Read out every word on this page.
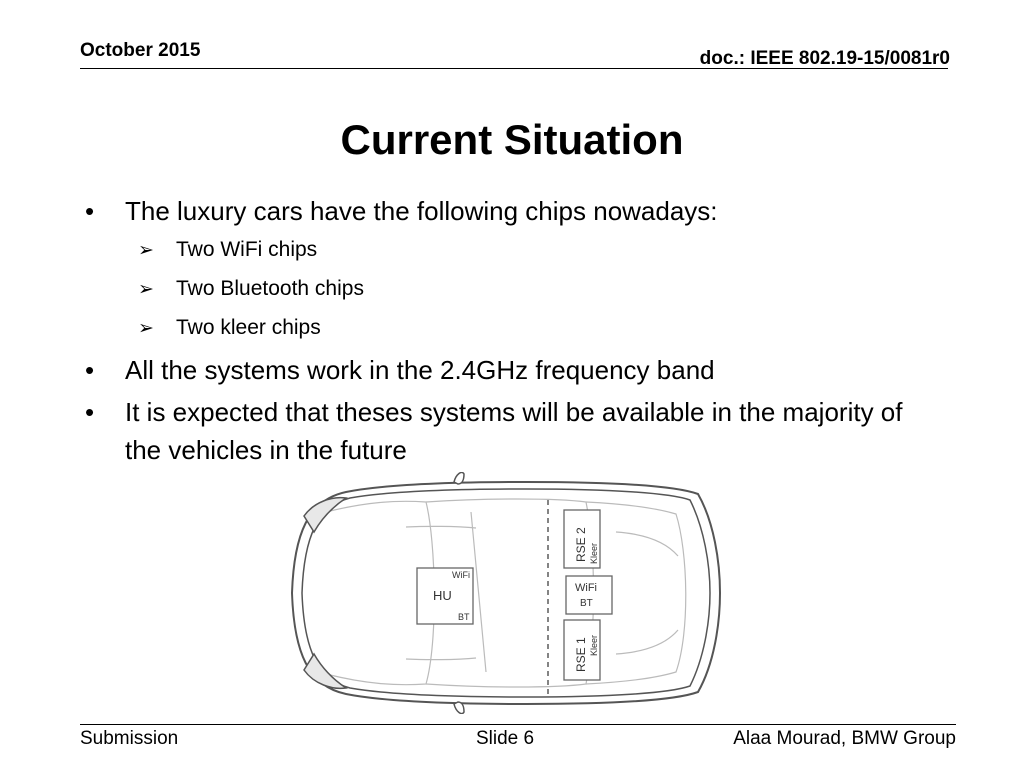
October 2015	doc.: IEEE 802.19-15/0081r0
Current Situation
•	The luxury cars have the following chips nowadays:
➢	Two WiFi chips
➢	Two Bluetooth chips
➢	Two kleer chips
•	All the systems work in the 2.4GHz frequency band
•	It is expected that theses systems will be available in the majority of the vehicles in the future
HU
WiFi
BT
RSE 2 Kleer
WiFi
BT
RSE 1 Kleer
Submission	Slide 6	Alaa Mourad, BMW Group
